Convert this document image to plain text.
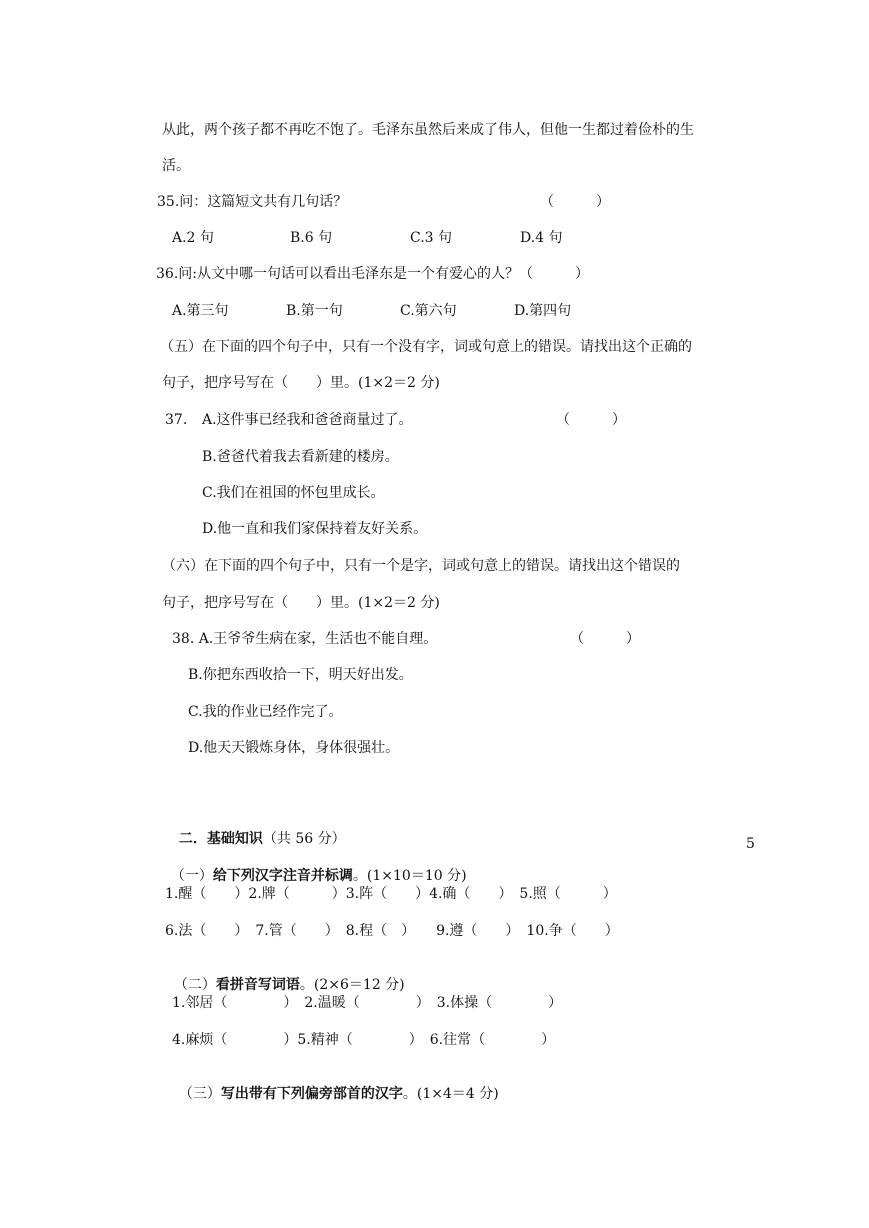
从此，两个孩子都不再吃不饱了。毛泽东虽然后来成了伟人，但他一生都过着俭朴的生
活。
35.问：这篇短文共有几句话？	（　　　）
A.2 句	B.6 句	C.3 句	D.4 句
36.问:从文中哪一句话可以看出毛泽东是一个有爱心的人？（　　　）
A.第三句	B.第一句	C.第六句	D.第四句
（五）在下面的四个句子中，只有一个没有字，词或句意上的错误。请找出这个正确的
句子，把序号写在（　　）里。(1×2＝2 分)
37. A.这件事已经我和爸爸商量过了。	（　　　）
B.爸爸代着我去看新建的楼房。
C.我们在祖国的怀包里成长。
D.他一直和我们家保持着友好关系。
（六）在下面的四个句子中，只有一个是字，词或句意上的错误。请找出这个错误的
句子，把序号写在（　　）里。(1×2＝2 分)
38. A.王爷爷生病在家，生活也不能自理。	（　　　）
B.你把东西收拾一下，明天好出发。
C.我的作业已经作完了。
D.他天天锻炼身体，身体很强壮。

二．基础知识（共 56 分）	5

（一）给下列汉字注音并标调。(1×10＝10 分)

1.醒（　　）2.牌（　　　）3.阵（　　）4.确（　　）　5.照（　　　）
6.法（　　）　7.管（　　）　8.程（　）　　9.遵（　　）　10.争（　　）

（二）看拼音写词语。(2×6＝12 分)

1.邻居（　　　　）　2.温暖（　　　　）　3.体操（　　　　）
4.麻烦（　　　　）5.精神（　　　　）　6.往常（　　　　）

（三）写出带有下列偏旁部首的汉字。(1×4＝4 分)
